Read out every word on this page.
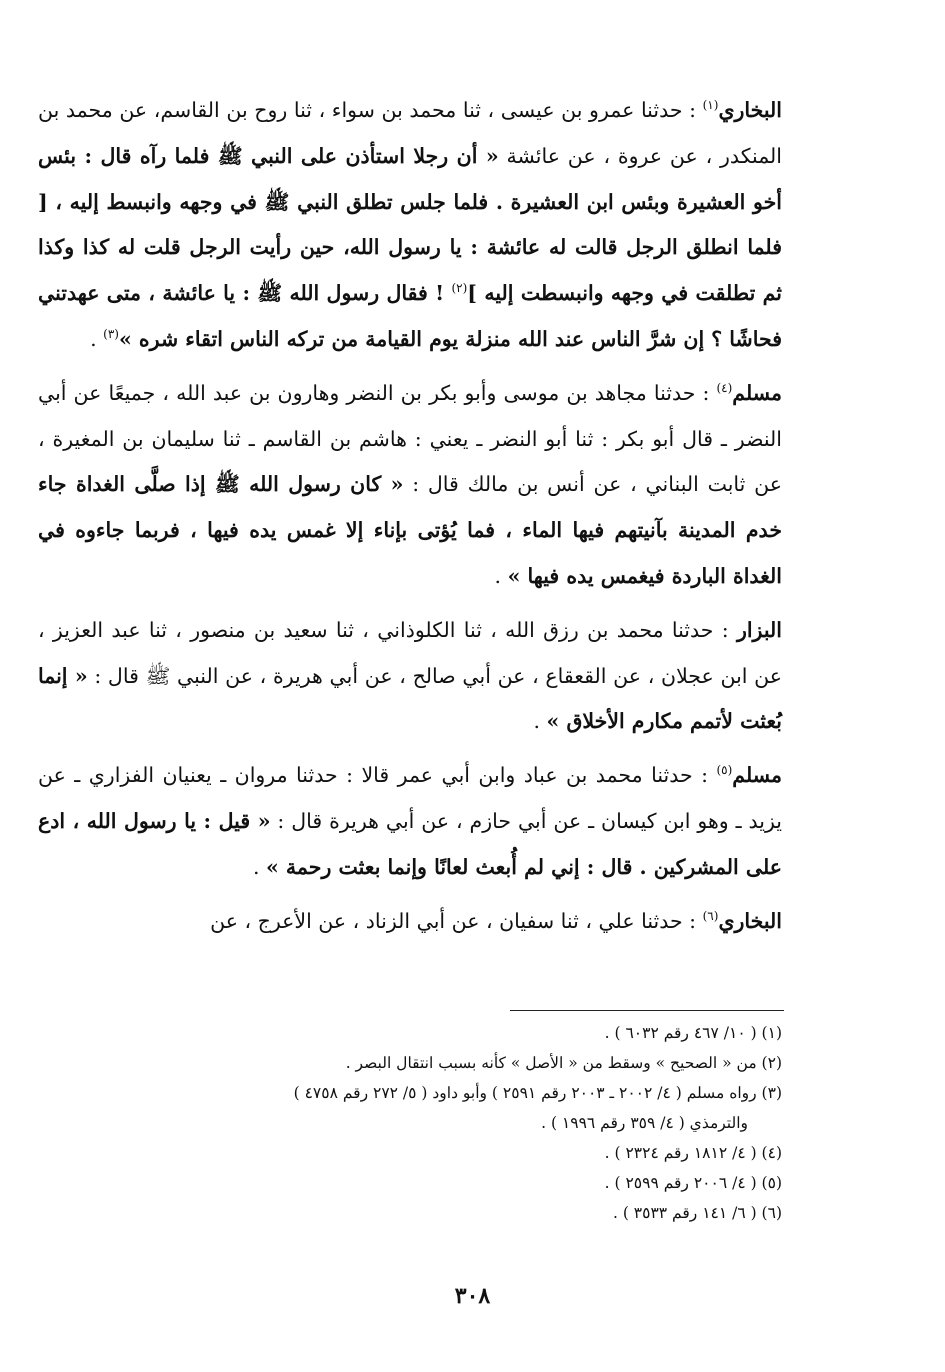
البخاري$^{(١)}$ : حدثنا عمرو بن عيسى ، ثنا محمد بن سواء ، ثنا روح بن القاسم، عن محمد بن المنكدر ، عن عروة ، عن عائشة « أن رجلا استأذن على النبي ﷺ فلما رآه قال : بئس أخو العشيرة وبئس ابن العشيرة . فلما جلس تطلق النبي ﷺ في وجهه وانبسط إليه ، [ فلما انطلق الرجل قالت له عائشة : يا رسول الله، حين رأيت الرجل قلت له كذا وكذا ثم تطلقت في وجهه وانبسطت إليه ]$^{(٢)}$ ! فقال رسول الله ﷺ : يا عائشة ، متى عهدتني فحاشًا ؟ إن شرَّ الناس عند الله منزلة يوم القيامة من تركه الناس اتقاء شره »$^{(٣)}$ .

مسلم$^{(٤)}$ : حدثنا مجاهد بن موسى وأبو بكر بن النضر وهارون بن عبد الله ، جميعًا عن أبي النضر ـ قال أبو بكر : ثنا أبو النضر ـ يعني : هاشم بن القاسم ـ ثنا سليمان بن المغيرة ، عن ثابت البناني ، عن أنس بن مالك قال : « كان رسول الله ﷺ إذا صلَّى الغداة جاء خدم المدينة بآنيتهم فيها الماء ، فما يُؤتى بإناء إلا غمس يده فيها ، فربما جاءوه في الغداة الباردة فيغمس يده فيها » .

البزار : حدثنا محمد بن رزق الله ، ثنا الكلوذاني ، ثنا سعيد بن منصور ، ثنا عبد العزيز ، عن ابن عجلان ، عن القعقاع ، عن أبي صالح ، عن أبي هريرة ، عن النبي ﷺ قال : « إنما بُعثت لأتمم مكارم الأخلاق » .

مسلم$^{(٥)}$ : حدثنا محمد بن عباد وابن أبي عمر قالا : حدثنا مروان ـ يعنيان الفزاري ـ عن يزيد ـ وهو ابن كيسان ـ عن أبي حازم ، عن أبي هريرة قال : « قيل : يا رسول الله ، ادع على المشركين . قال : إني لم أُبعث لعانًا وإنما بعثت رحمة » .

البخاري$^{(٦)}$ : حدثنا علي ، ثنا سفيان ، عن أبي الزناد ، عن الأعرج ، عن

(١) ( ١٠/ ٤٦٧ رقم ٦٠٣٢ ) .

(٢) من « الصحيح » وسقط من « الأصل » كأنه بسبب انتقال البصر .

(٣) رواه مسلم ( ٤/ ٢٠٠٢ ـ ٢٠٠٣ رقم ٢٥٩١ ) وأبو داود ( ٥/ ٢٧٢ رقم ٤٧٥٨ )

والترمذي ( ٤/ ٣٥٩ رقم ١٩٩٦ ) .

(٤) ( ٤/ ١٨١٢ رقم ٢٣٢٤ ) .

(٥) ( ٤/ ٢٠٠٦ رقم ٢٥٩٩ ) .

(٦) ( ٦/ ١٤١ رقم ٣٥٣٣ ) .

٣٠٨
